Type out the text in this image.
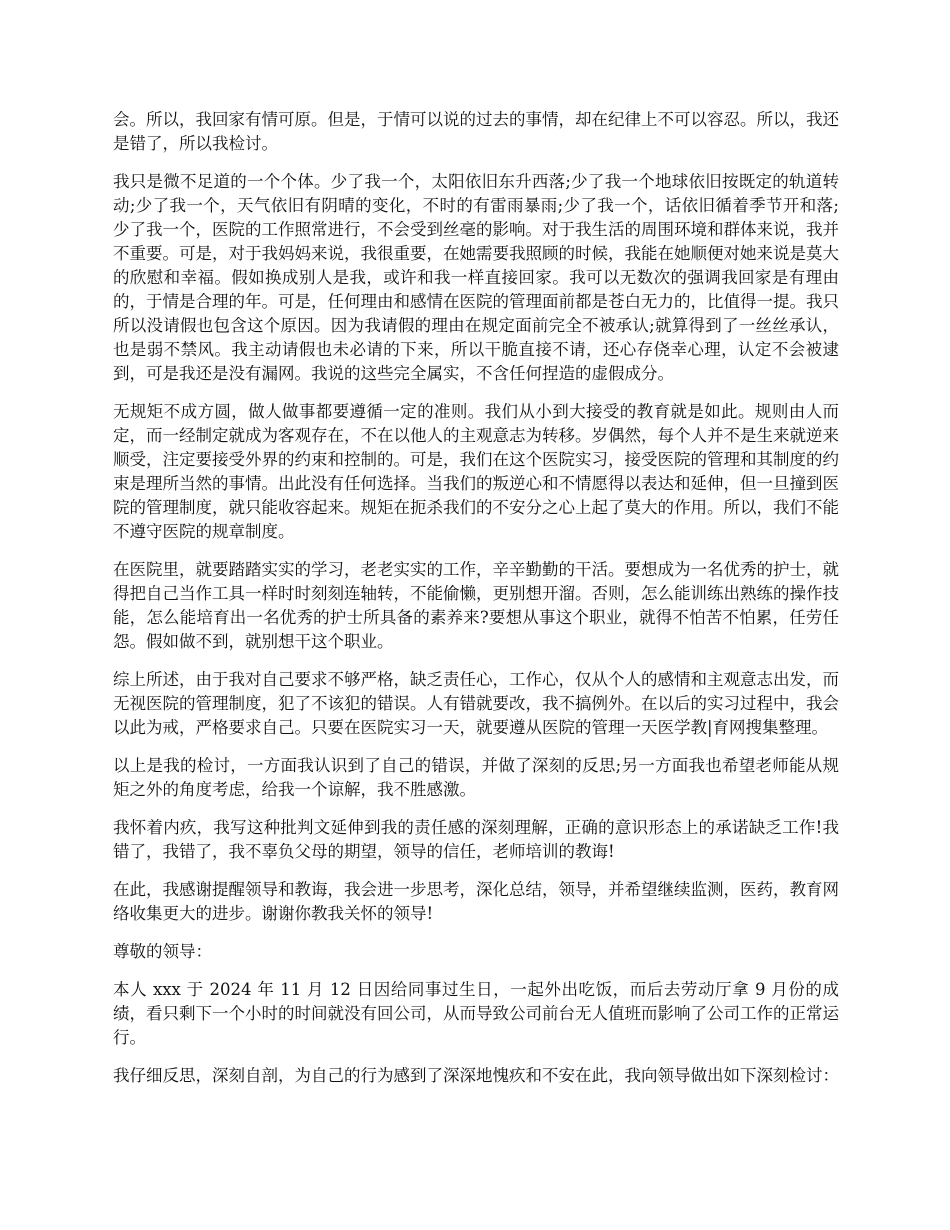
会。所以，我回家有情可原。但是，于情可以说的过去的事情，却在纪律上不可以容忍。所以，我还是错了，所以我检讨。

我只是微不足道的一个个体。少了我一个，太阳依旧东升西落;少了我一个地球依旧按既定的轨道转动;少了我一个，天气依旧有阴晴的变化，不时的有雷雨暴雨;少了我一个，话依旧循着季节开和落;少了我一个，医院的工作照常进行，不会受到丝毫的影响。对于我生活的周围环境和群体来说，我并不重要。可是，对于我妈妈来说，我很重要，在她需要我照顾的时候，我能在她顺便对她来说是莫大的欣慰和幸福。假如换成别人是我，或许和我一样直接回家。我可以无数次的强调我回家是有理由的，于情是合理的年。可是，任何理由和感情在医院的管理面前都是苍白无力的，比值得一提。我只所以没请假也包含这个原因。因为我请假的理由在规定面前完全不被承认;就算得到了一丝丝承认，也是弱不禁风。我主动请假也未必请的下来，所以干脆直接不请，还心存侥幸心理，认定不会被逮到，可是我还是没有漏网。我说的这些完全属实，不含任何捏造的虚假成分。

无规矩不成方圆，做人做事都要遵循一定的准则。我们从小到大接受的教育就是如此。规则由人而定，而一经制定就成为客观存在，不在以他人的主观意志为转移。岁偶然，每个人并不是生来就逆来顺受，注定要接受外界的约束和控制的。可是，我们在这个医院实习，接受医院的管理和其制度的约束是理所当然的事情。出此没有任何选择。当我们的叛逆心和不情愿得以表达和延伸，但一旦撞到医院的管理制度，就只能收容起来。规矩在扼杀我们的不安分之心上起了莫大的作用。所以，我们不能不遵守医院的规章制度。

在医院里，就要踏踏实实的学习，老老实实的工作，辛辛勤勤的干活。要想成为一名优秀的护士，就得把自己当作工具一样时时刻刻连轴转，不能偷懒，更别想开溜。否则，怎么能训练出熟练的操作技能，怎么能培育出一名优秀的护士所具备的素养来?要想从事这个职业，就得不怕苦不怕累，任劳任怨。假如做不到，就别想干这个职业。

综上所述，由于我对自己要求不够严格，缺乏责任心，工作心，仅从个人的感情和主观意志出发，而无视医院的管理制度，犯了不该犯的错误。人有错就要改，我不搞例外。在以后的实习过程中，我会以此为戒，严格要求自己。只要在医院实习一天，就要遵从医院的管理一天医学教|育网搜集整理。

以上是我的检讨，一方面我认识到了自己的错误，并做了深刻的反思;另一方面我也希望老师能从规矩之外的角度考虑，给我一个谅解，我不胜感激。

我怀着内疚，我写这种批判文延伸到我的责任感的深刻理解，正确的意识形态上的承诺缺乏工作!我错了，我错了，我不辜负父母的期望，领导的信任，老师培训的教诲!

在此，我感谢提醒领导和教诲，我会进一步思考，深化总结，领导，并希望继续监测，医药，教育网络收集更大的进步。谢谢你教我关怀的领导!

尊敬的领导：

本人 xxx 于 2024 年 11 月 12 日因给同事过生日，一起外出吃饭，而后去劳动厅拿 9 月份的成绩，看只剩下一个小时的时间就没有回公司，从而导致公司前台无人值班而影响了公司工作的正常运行。

我仔细反思，深刻自剖，为自己的行为感到了深深地愧疚和不安在此，我向领导做出如下深刻检讨：
